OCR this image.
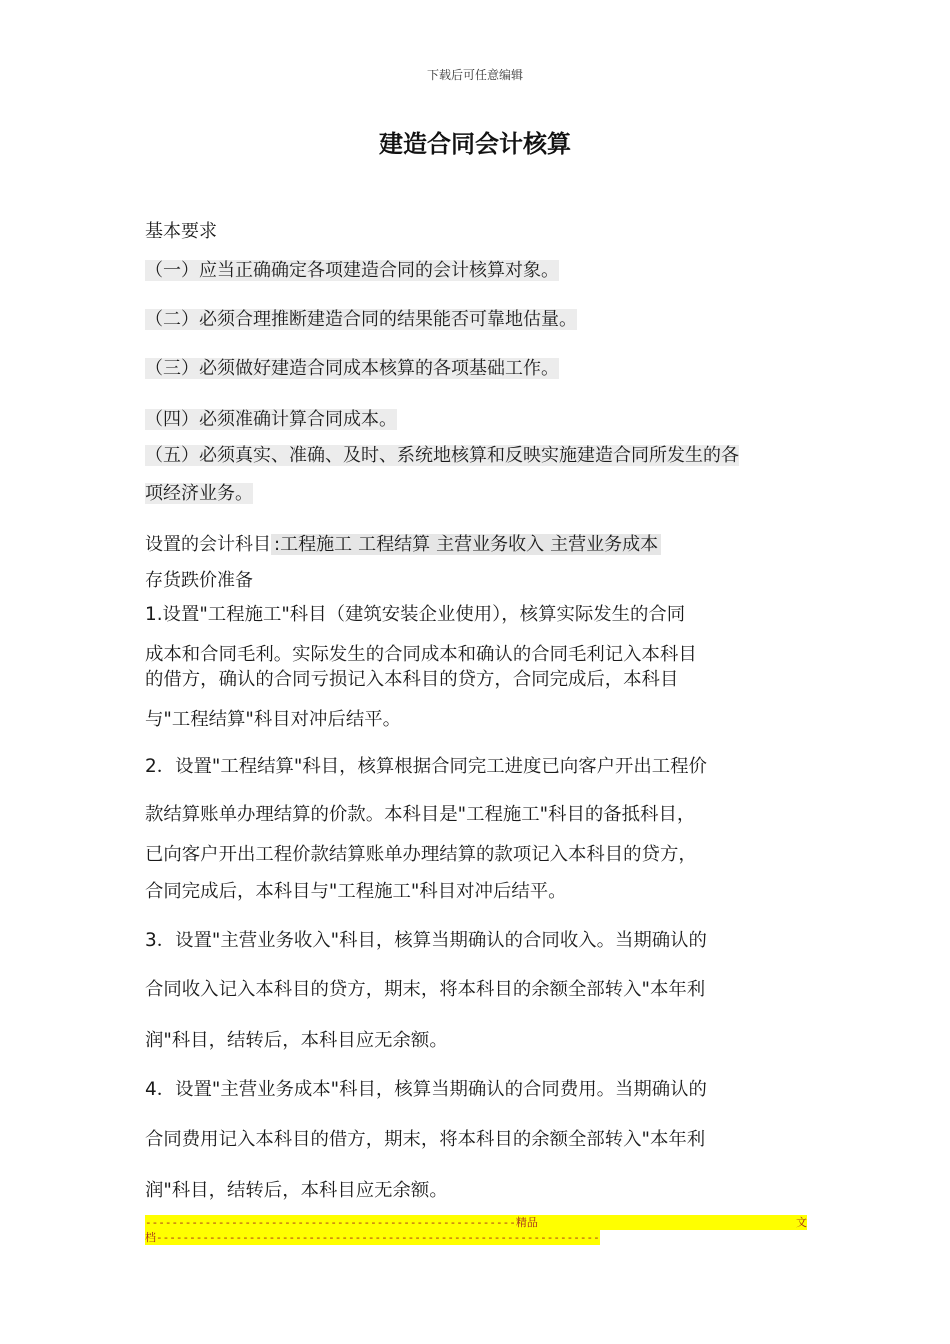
下载后可任意编辑
建造合同会计核算
基本要求
（一）应当正确确定各项建造合同的会计核算对象。
（二）必须合理推断建造合同的结果能否可靠地估量。
（三）必须做好建造合同成本核算的各项基础工作。
（四）必须准确计算合同成本。
（五）必须真实、准确、及时、系统地核算和反映实施建造合同所发生的各
项经济业务。
设置的会计科目 :工程施工 工程结算 主营业务收入 主营业务成本
存货跌价准备
1.设置"工程施工"科目（建筑安装企业使用），核算实际发生的合同
成本和合同毛利。实际发生的合同成本和确认的合同毛利记入本科目
的借方，确认的合同亏损记入本科目的贷方，合同完成后，本科目
与"工程结算"科目对冲后结平。
2．设置"工程结算"科目，核算根据合同完工进度已向客户开出工程价
款结算账单办理结算的价款。本科目是"工程施工"科目的备抵科目，
已向客户开出工程价款结算账单办理结算的款项记入本科目的贷方，
合同完成后，本科目与"工程施工"科目对冲后结平。
3．设置"主营业务收入"科目，核算当期确认的合同收入。当期确认的
合同收入记入本科目的贷方，期末，将本科目的余额全部转入"本年利
润"科目，结转后，本科目应无余额。
4．设置"主营业务成本"科目，核算当期确认的合同费用。当期确认的
合同费用记入本科目的借方，期末，将本科目的余额全部转入"本年利
润"科目，结转后，本科目应无余额。
-------------------------------------------------------- 精 品	文
档-------------------------------------------------------------------
